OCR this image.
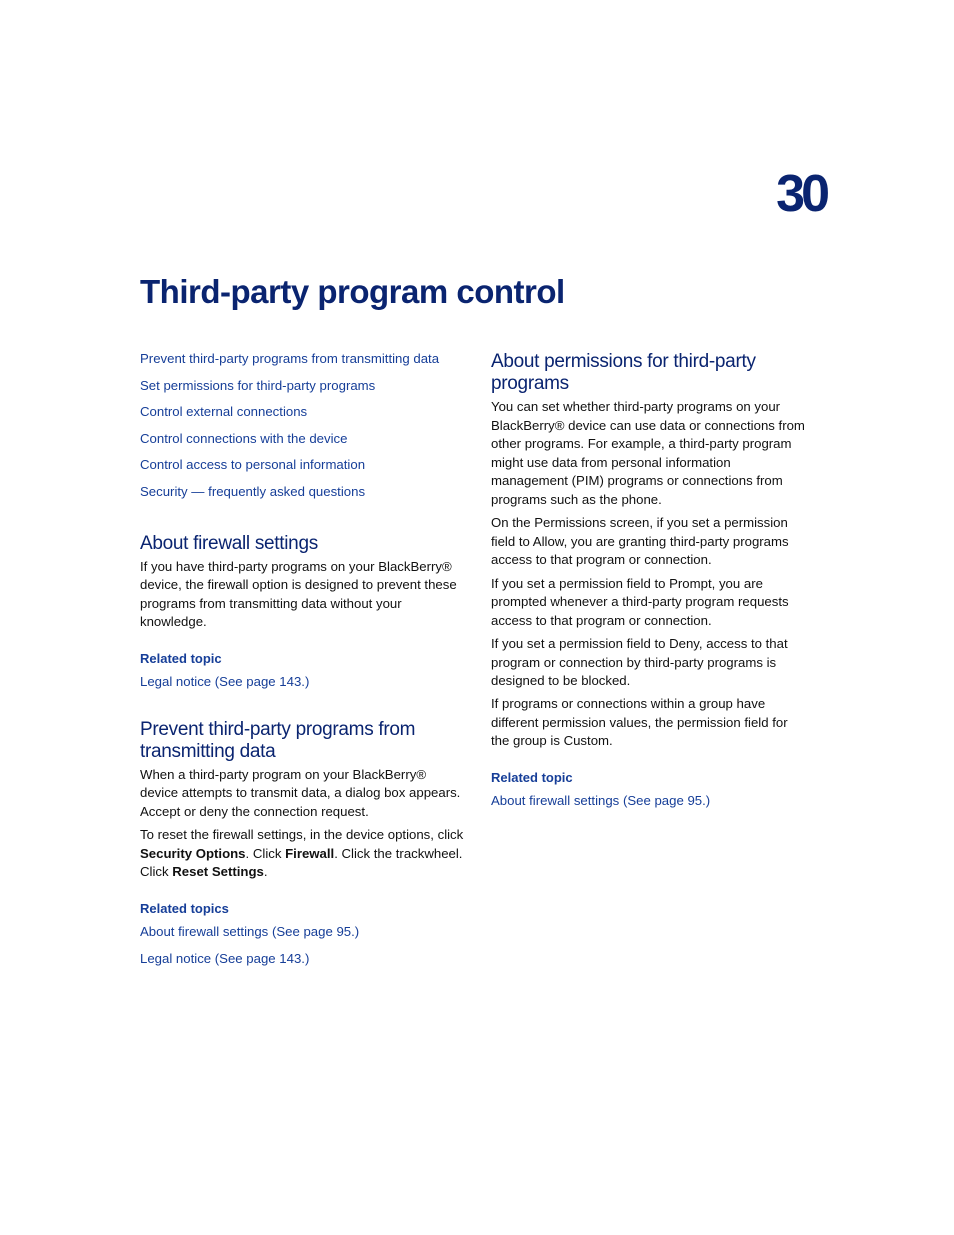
30
Third-party program control
Prevent third-party programs from transmitting data
Set permissions for third-party programs
Control external connections
Control connections with the device
Control access to personal information
Security — frequently asked questions
About firewall settings

If you have third-party programs on your BlackBerry® device, the firewall option is designed to prevent these programs from transmitting data without your knowledge.

Related topic
Legal notice (See page 143.)
Prevent third-party programs from transmitting data

When a third-party program on your BlackBerry® device attempts to transmit data, a dialog box appears. Accept or deny the connection request.

To reset the firewall settings, in the device options, click Security Options. Click Firewall. Click the trackwheel. Click Reset Settings.

Related topics
About firewall settings (See page 95.)
Legal notice (See page 143.)
About permissions for third-party programs

You can set whether third-party programs on your BlackBerry® device can use data or connections from other programs. For example, a third-party program might use data from personal information management (PIM) programs or connections from programs such as the phone.

On the Permissions screen, if you set a permission field to Allow, you are granting third-party programs access to that program or connection.

If you set a permission field to Prompt, you are prompted whenever a third-party program requests access to that program or connection.

If you set a permission field to Deny, access to that program or connection by third-party programs is designed to be blocked.

If programs or connections within a group have different permission values, the permission field for the group is Custom.

Related topic
About firewall settings (See page 95.)
